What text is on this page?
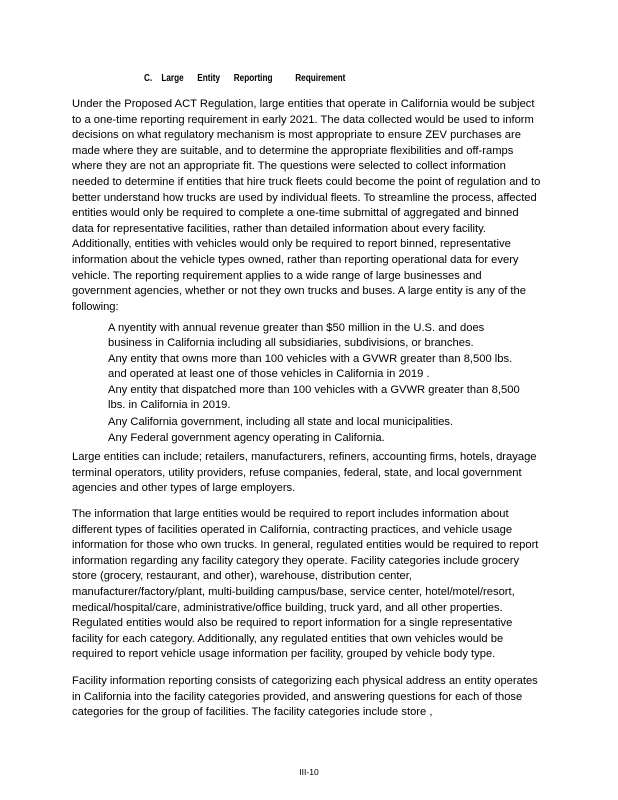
C.    Large      Entity      Reporting          Requirement

Under the Proposed ACT Regulation, large entities that operate in California would be subject to a one-time reporting requirement in early 2021. The data collected would be used to inform decisions on what regulatory mechanism is most appropriate to ensure ZEV purchases are made where they are suitable, and to determine the appropriate flexibilities and off-ramps where they are not an appropriate fit. The questions were selected to collect information needed to determine if entities that hire truck fleets could become the point of regulation and to better understand how trucks are used by individual fleets. To streamline the process, affected entities would only be required to complete a one-time submittal of aggregated and binned data for representative facilities, rather than detailed information about every facility. Additionally, entities with vehicles would only be required to report binned, representative information about the vehicle types owned, rather than reporting operational data for every vehicle. The reporting requirement applies to a wide range of large businesses and government agencies, whether or not they own trucks and buses. A large entity is any of the following:

A nyentity with annual revenue greater than $50 million in the U.S. and does business in California including all subsidiaries, subdivisions, or branches.
Any entity that owns more than 100 vehicles with a GVWR greater than 8,500 lbs. and operated at least one of those vehicles in California in 2019 .
Any entity that dispatched more than 100 vehicles with a GVWR greater than 8,500 lbs. in California in 2019.
Any California government, including all state and local municipalities.
Any Federal government agency operating in California.

Large entities can include; retailers, manufacturers, refiners, accounting firms, hotels, drayage terminal operators, utility providers, refuse companies, federal, state, and local government agencies and other types of large employers.

The information that large entities would be required to report includes information about different types of facilities operated in California, contracting practices, and vehicle usage information for those who own trucks. In general, regulated entities would be required to report information regarding any facility category they operate. Facility categories include grocery store (grocery, restaurant, and other), warehouse, distribution center, manufacturer/factory/plant, multi-building campus/base, service center, hotel/motel/resort, medical/hospital/care, administrative/office building, truck yard, and all other properties. Regulated entities would also be required to report information for a single representative facility for each category. Additionally, any regulated entities that own vehicles would be required to report vehicle usage information per facility, grouped by vehicle body type.

Facility information reporting consists of categorizing each physical address an entity operates in California into the facility categories provided, and answering questions for each of those categories for the group of facilities. The facility categories include store ,

III-10
